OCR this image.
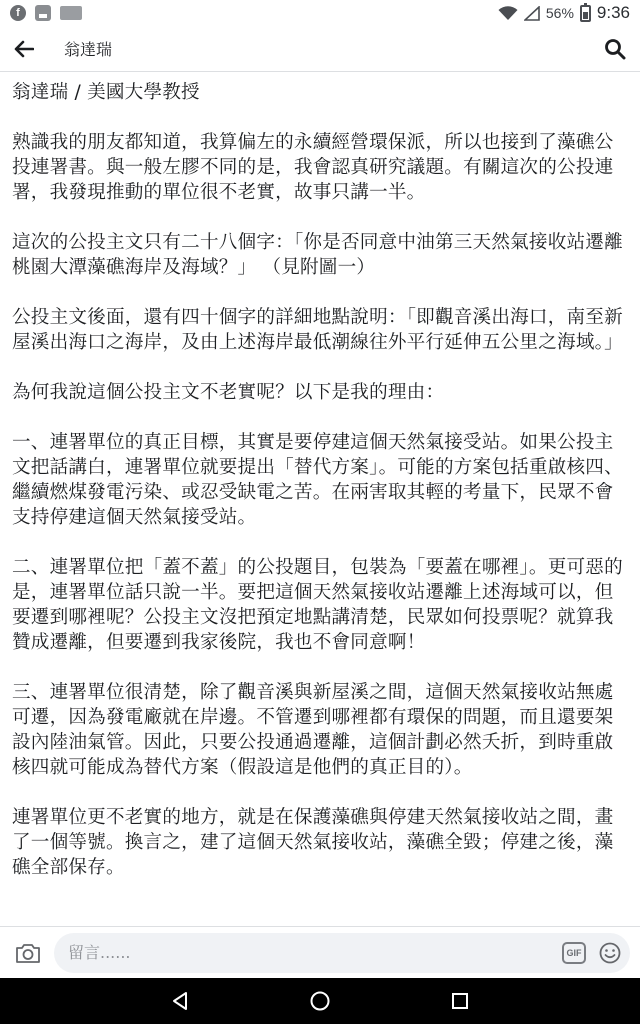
f	56% 9:36
翁達瑞

翁達瑞 / 美國大學教授

熟識我的朋友都知道，我算偏左的永續經營環保派，所以也接到了藻礁公投連署書。與一般左膠不同的是，我會認真研究議題。有關這次的公投連署，我發現推動的單位很不老實，故事只講一半。

這次的公投主文只有二十八個字：「你是否同意中油第三天然氣接收站遷離桃園大潭藻礁海岸及海域？」 （見附圖一）

公投主文後面，還有四十個字的詳細地點說明：「即觀音溪出海口，南至新屋溪出海口之海岸，及由上述海岸最低潮線往外平行延伸五公里之海域。」

為何我說這個公投主文不老實呢？以下是我的理由：

一、連署單位的真正目標，其實是要停建這個天然氣接受站。如果公投主文把話講白，連署單位就要提出「替代方案」。可能的方案包括重啟核四、繼續燃煤發電污染、或忍受缺電之苦。在兩害取其輕的考量下，民眾不會支持停建這個天然氣接受站。

二、連署單位把「蓋不蓋」的公投題目，包裝為「要蓋在哪裡」。更可惡的是，連署單位話只說一半。要把這個天然氣接收站遷離上述海域可以，但要遷到哪裡呢？公投主文沒把預定地點講清楚，民眾如何投票呢？就算我贊成遷離，但要遷到我家後院，我也不會同意啊！

三、連署單位很清楚，除了觀音溪與新屋溪之間，這個天然氣接收站無處可遷，因為發電廠就在岸邊。不管遷到哪裡都有環保的問題，而且還要架設內陸油氣管。因此，只要公投通過遷離，這個計劃必然夭折，到時重啟核四就可能成為替代方案（假設這是他們的真正目的）。

連署單位更不老實的地方，就是在保護藻礁與停建天然氣接收站之間，畫了一個等號。換言之，建了這個天然氣接收站，藻礁全毀；停建之後，藻礁全部保存。

留言......
GIF
